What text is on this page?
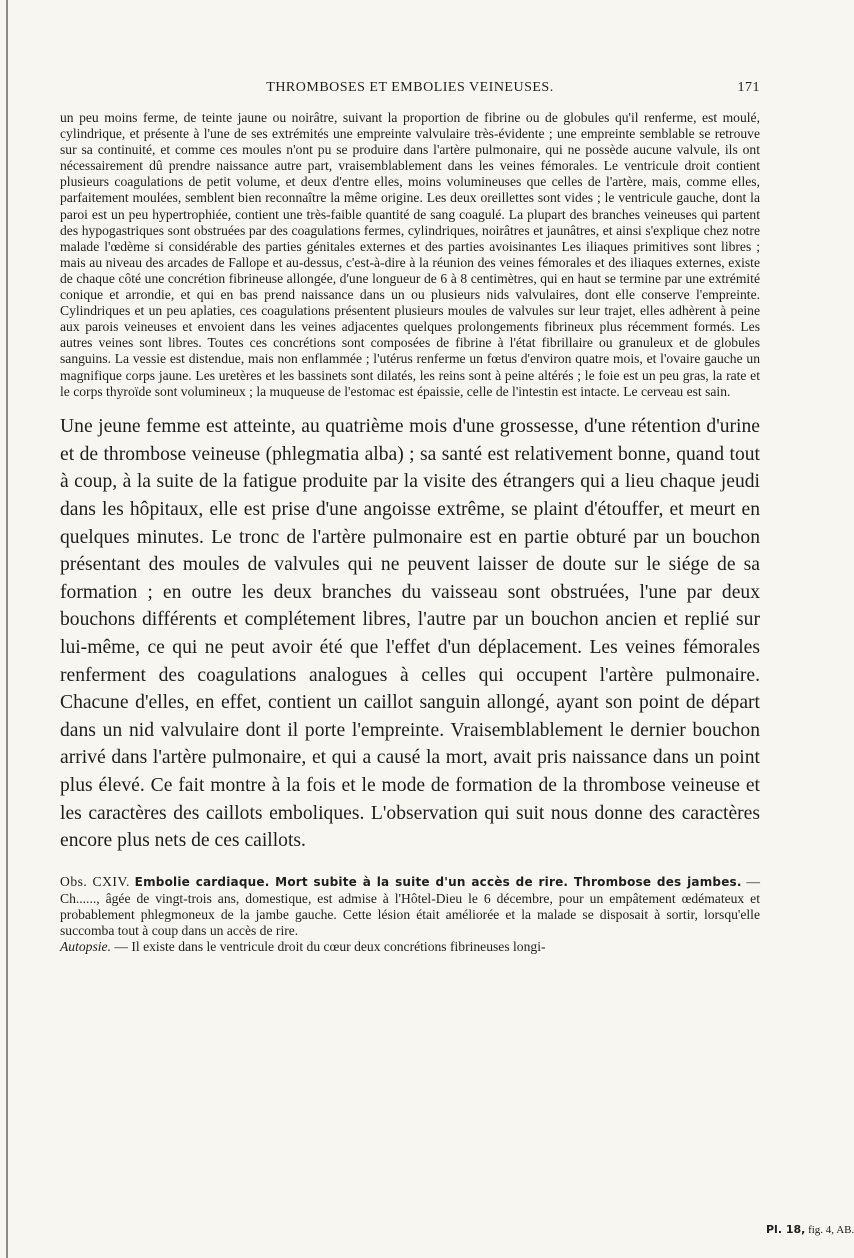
THROMBOSES ET EMBOLIES VEINEUSES.	171

un peu moins ferme, de teinte jaune ou noirâtre, suivant la proportion de fibrine ou de globules qu'il renferme, est moulé, cylindrique, et présente à l'une de ses extrémités une empreinte valvulaire très-évidente ; une empreinte semblable se retrouve sur sa continuité, et comme ces moules n'ont pu se produire dans l'artère pulmonaire, qui ne possède aucune valvule, ils ont nécessairement dû prendre naissance autre part, vraisemblablement dans les veines fémorales. Le ventricule droit contient plusieurs coagulations de petit volume, et deux d'entre elles, moins volumineuses que celles de l'artère, mais, comme elles, parfaitement moulées, semblent bien reconnaître la même origine. Les deux oreillettes sont vides ; le ventricule gauche, dont la paroi est un peu hypertrophiée, contient une très-faible quantité de sang coagulé. La plupart des branches veineuses qui partent des hypogastriques sont obstruées par des coagulations fermes, cylindriques, noirâtres et jaunâtres, et ainsi s'explique chez notre malade l'œdème si considérable des parties génitales externes et des parties avoisinantes Les iliaques primitives sont libres ; mais au niveau des arcades de Fallope et au-dessus, c'est-à-dire à la réunion des veines fémorales et des iliaques externes, existe de chaque côté une concrétion fibrineuse allongée, d'une longueur de 6 à 8 centimètres, qui en haut se termine par une extrémité conique et arrondie, et qui en bas prend naissance dans un ou plusieurs nids valvulaires, dont elle conserve l'empreinte. Cylindriques et un peu aplaties, ces coagulations présentent plusieurs moules de valvules sur leur trajet, elles adhèrent à peine aux parois veineuses et envoient dans les veines adjacentes quelques prolongements fibrineux plus récemment formés. Les autres veines sont libres. Toutes ces concrétions sont composées de fibrine à l'état fibrillaire ou granuleux et de globules sanguins. La vessie est distendue, mais non enflammée ; l'utérus renferme un fœtus d'environ quatre mois, et l'ovaire gauche un magnifique corps jaune. Les uretères et les bassinets sont dilatés, les reins sont à peine altérés ; le foie est un peu gras, la rate et le corps thyroïde sont volumineux ; la muqueuse de l'estomac est épaissie, celle de l'intestin est intacte. Le cerveau est sain.

Une jeune femme est atteinte, au quatrième mois d'une grossesse, d'une rétention d'urine et de thrombose veineuse (phlegmatia alba) ; sa santé est relativement bonne, quand tout à coup, à la suite de la fatigue produite par la visite des étrangers qui a lieu chaque jeudi dans les hôpitaux, elle est prise d'une angoisse extrême, se plaint d'étouffer, et meurt en quelques minutes. Le tronc de l'artère pulmonaire est en partie obturé par un bouchon présentant des moules de valvules qui ne peuvent laisser de doute sur le siége de sa formation ; en outre les deux branches du vaisseau sont obstruées, l'une par deux bouchons différents et complétement libres, l'autre par un bouchon ancien et replié sur lui-même, ce qui ne peut avoir été que l'effet d'un déplacement. Les veines fémorales renferment des coagulations analogues à celles qui occupent l'artère pulmonaire. Chacune d'elles, en effet, contient un caillot sanguin allongé, ayant son point de départ dans un nid valvulaire dont il porte l'empreinte. Vraisemblablement le dernier bouchon arrivé dans l'artère pulmonaire, et qui a causé la mort, avait pris naissance dans un point plus élevé. Ce fait montre à la fois et le mode de formation de la thrombose veineuse et les caractères des caillots emboliques. L'observation qui suit nous donne des caractères encore plus nets de ces caillots.

Obs. CXIV. Embolie cardiaque. Mort subite à la suite d'un accès de rire. Thrombose des jambes. — Ch......, âgée de vingt-trois ans, domestique, est admise à l'Hôtel-Dieu le 6 décembre, pour un empâtement œdémateux et probablement phlegmoneux de la jambe gauche. Cette lésion était améliorée et la malade se disposait à sortir, lorsqu'elle succomba tout à coup dans un accès de rire.
Autopsie. — Il existe dans le ventricule droit du cœur deux concrétions fibrineuses longi-

Pl. 18, fig. 4, AB.
